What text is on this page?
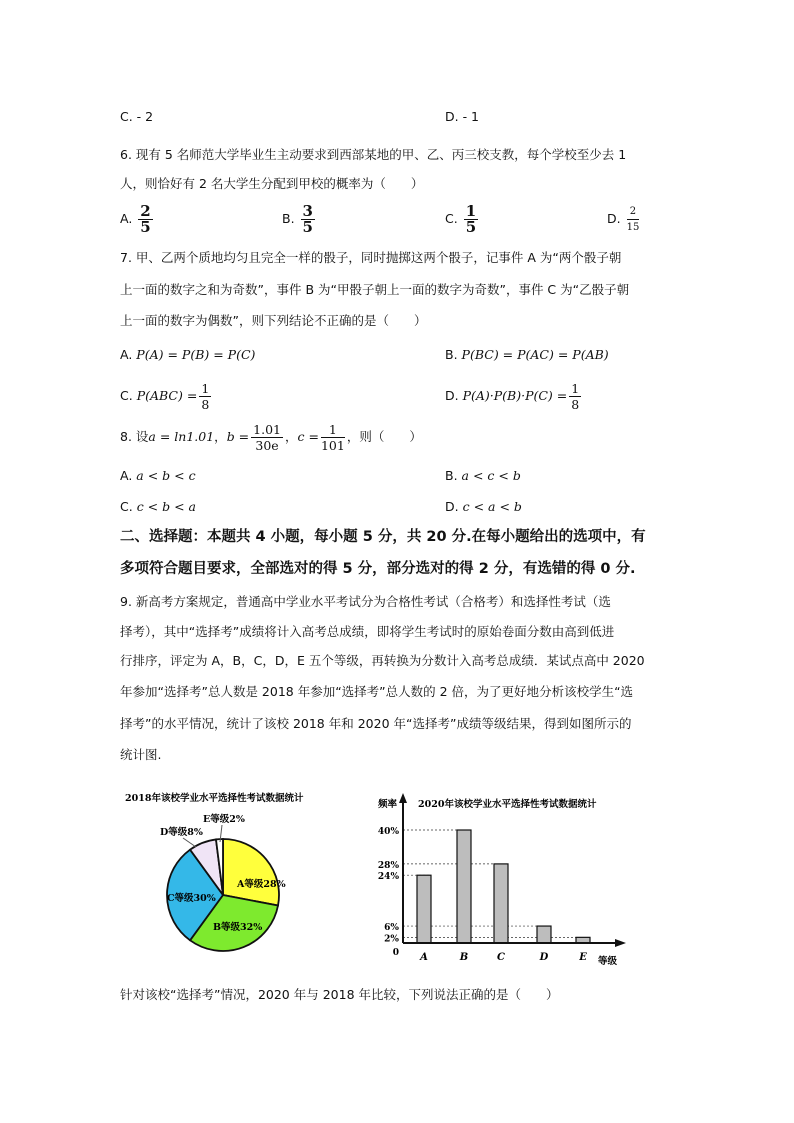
C. - 2	D. - 1
6. 现有 5 名师范大学毕业生主动要求到西部某地的甲、乙、丙三校支教，每个学校至少去 1
人，则恰好有 2 名大学生分配到甲校的概率为（　　）
A. $\frac{2}{5}$	B. $\frac{3}{5}$	C. $\frac{1}{5}$	D. $\frac{2}{15}$
7. 甲、乙两个质地均匀且完全一样的骰子，同时抛掷这两个骰子，记事件 A 为“两个骰子朝
上一面的数字之和为奇数”，事件 B 为“甲骰子朝上一面的数字为奇数”，事件 C 为“乙骰子朝
上一面的数字为偶数”，则下列结论不正确的是（　　）
A. P(A) = P(B) = P(C)	B. P(BC) = P(AC) = P(AB)
C. $P(ABC) = \frac{1}{8}$	D. $P(A)\cdot P(B)\cdot P(C) = \frac{1}{8}$
8. 设a = ln1.01，$b = \frac{1.01}{30e}$ ，$c = \frac{1}{101}$ ，则（　　）
A. a < b < c	B. a < c < b
C. c < b < a	D. c < a < b
二、选择题：本题共 4 小题，每小题 5 分，共 20 分.在每小题给出的选项中，有
多项符合题目要求，全部选对的得 5 分，部分选对的得 2 分，有选错的得 0 分.
9. 新高考方案规定，普通高中学业水平考试分为合格性考试（合格考）和选择性考试（选
择考），其中“选择考”成绩将计入高考总成绩，即将学生考试时的原始卷面分数由高到低进
行排序，评定为 A，B，C，D，E 五个等级，再转换为分数计入高考总成绩．某试点高中 2020
年参加“选择考”总人数是 2018 年参加“选择考”总人数的 2 倍，为了更好地分析该校学生“选
择考”的水平情况，统计了该校 2018 年和 2020 年“选择考”成绩等级结果，得到如图所示的
统计图.
2018年该校学业水平选择性考试数据统计
A等级28%
B等级32%
C等级30%
D等级8%
E等级2%
2020年该校学业水平选择性考试数据统计
频率
等级
0
2%
6%
24%
28%
40%
A	B	C	D	E
针对该校“选择考”情况，2020 年与 2018 年比较，下列说法正确的是（　　）
